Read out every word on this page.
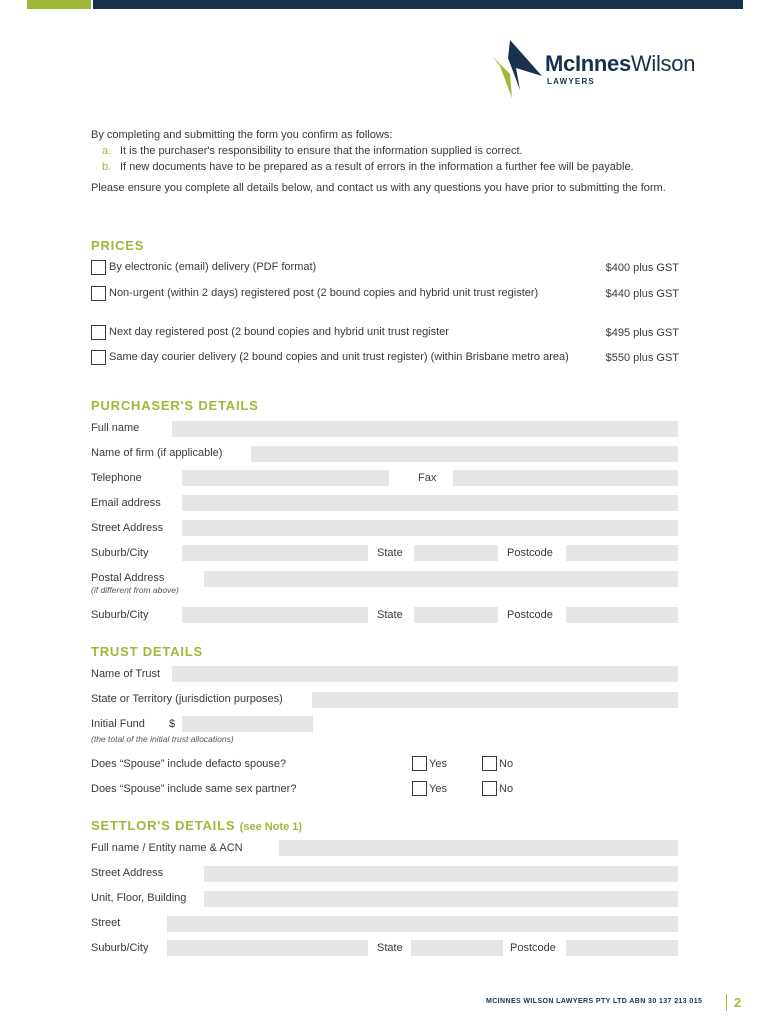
McInnesWilson
LAWYERS

By completing and submitting the form you confirm as follows:

a. It is the purchaser's responsibility to ensure that the information supplied is correct.
b. If new documents have to be prepared as a result of errors in the information a further fee will be payable.

Please ensure you complete all details below, and contact us with any questions you have prior to submitting the form.

PRICES
By electronic (email) delivery (PDF format)	$400 plus GST
Non-urgent (within 2 days) registered post (2 bound copies and hybrid unit trust register)	$440 plus GST
Next day registered post (2 bound copies and hybrid unit trust register	$495 plus GST
Same day courier delivery (2 bound copies and unit trust register) (within Brisbane metro area)	$550 plus GST
PURCHASER'S DETAILS
Full name
Name of firm (if applicable)
Telephone	Fax
Email address
Street Address
Suburb/City	State	Postcode
Postal Address
(if different from above)
Suburb/City	State	Postcode
TRUST DETAILS
Name of Trust
State or Territory (jurisdiction purposes)
Initial Fund $
(the total of the initial trust allocations)
Does “Spouse” include defacto spouse?	Yes	No
Does “Spouse” include same sex partner?	Yes	No
SETTLOR'S DETAILS (see Note 1)
Full name / Entity name & ACN
Street Address
Unit, Floor, Building
Street
Suburb/City	State	Postcode
MCINNES WILSON LAWYERS PTY LTD ABN 30 137 213 015 2
